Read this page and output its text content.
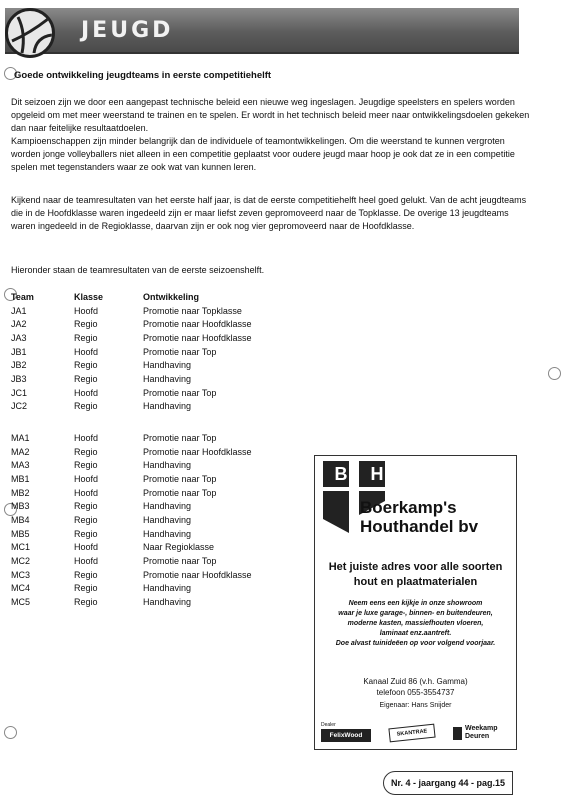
JEUGD
Goede ontwikkeling jeugdteams in eerste competitiehelft

Dit seizoen zijn we door een aangepast technische beleid een nieuwe weg ingeslagen. Jeugdige speelsters en spelers worden opgeleid om met meer weerstand te trainen en te spelen. Er wordt in het technisch beleid meer naar ontwikkelingsdoelen gekeken dan naar feitelijke resultaatdoelen.

Kampioenschappen zijn minder belangrijk dan de individuele of teamontwikkelingen. Om die weerstand te kunnen vergroten worden jonge volleyballers niet alleen in een competitie geplaatst voor oudere jeugd maar hoop je ook dat ze in een competitie spelen met tegenstanders waar ze ook wat van kunnen leren.

Kijkend naar de teamresultaten van het eerste half jaar, is dat de eerste competitiehelft heel goed gelukt. Van de acht jeugdteams die in de Hoofdklasse waren ingedeeld zijn er maar liefst zeven gepromoveerd naar de Topklasse. De overige 13 jeugdteams waren ingedeeld in de Regioklasse, daarvan zijn er ook nog vier gepromoveerd naar de Hoofdklasse.

Hieronder staan de teamresultaten van de eerste seizoenshelft.

Team	Klasse	Ontwikkeling
JA1	Hoofd	Promotie naar Topklasse
JA2	Regio	Promotie naar Hoofdklasse
JA3	Regio	Promotie naar Hoofdklasse
JB1	Hoofd	Promotie naar Top
JB2	Regio	Handhaving
JB3	Regio	Handhaving
JC1	Hoofd	Promotie naar Top
JC2	Regio	Handhaving
MA1	Hoofd	Promotie naar Top
MA2	Regio	Promotie naar Hoofdklasse
MA3	Regio	Handhaving
MB1	Hoofd	Promotie naar Top
MB2	Hoofd	Promotie naar Top
MB3	Regio	Handhaving
MB4	Regio	Handhaving
MB5	Regio	Handhaving
MC1	Hoofd	Naar Regioklasse
MC2	Hoofd	Promotie naar Top
MC3	Regio	Promotie naar Hoofdklasse
MC4	Regio	Handhaving
MC5	Regio	Handhaving
B	H
Boerkamp's
Houthandel bv
Het juiste adres voor alle soorten
hout en plaatmaterialen
Neem eens een kijkje in onze showroom
waar je luxe garage-, binnen- en buitendeuren,
moderne kasten, massiefhouten vloeren,
laminaat enz.aantreft.
Doe alvast tuinideëen op voor volgend voorjaar.
Kanaal Zuid 86 (v.h. Gamma)
telefoon 055-3554737
Eigenaar: Hans Snijder
Dealer
FelixWood	SKANTRAE	Weekamp
Deuren
Nr. 4 - jaargang 44 - pag.15
